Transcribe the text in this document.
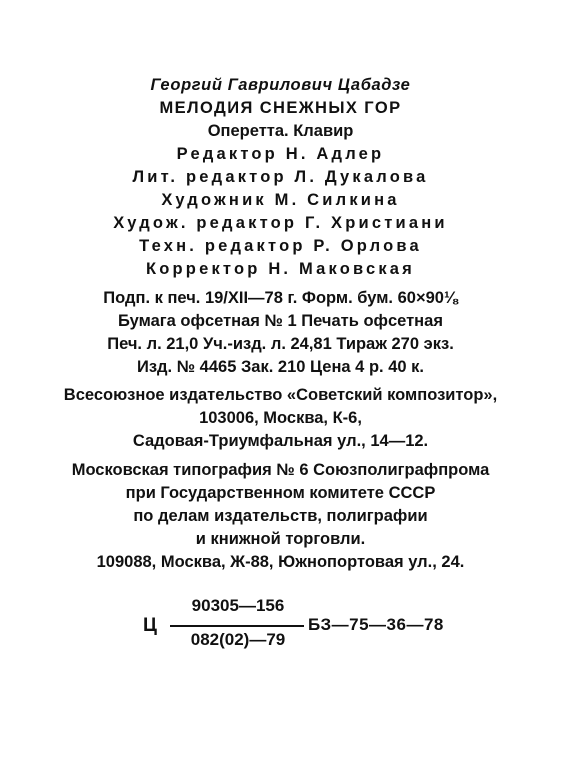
Георгий Гаврилович Цабадзе
МЕЛОДИЯ СНЕЖНЫХ ГОР
Оперетта. Клавир
Редактор Н. Адлер
Лит. редактор Л. Дукалова
Художник М. Силкина
Худож. редактор Г. Христиани
Техн. редактор Р. Орлова
Корректор Н. Маковская
Подп. к печ. 19/XII—78 г. Форм. бум. 60×90⅛
Бумага офсетная № 1 Печать офсетная
Печ. л. 21,0 Уч.-изд. л. 24,81 Тираж 270 экз.
Изд. № 4465 Зак. 210 Цена 4 р. 40 к.
Всесоюзное издательство «Советский композитор»,
103006, Москва, К-6,
Садовая-Триумфальная ул., 14—12.
Московская типография № 6 Союзполиграфпрома
при Государственном комитете СССР
по делам издательств, полиграфии
и книжной торговли.
109088, Москва, Ж-88, Южнопортовая ул., 24.
Ц
90305—156
082(02)—79
БЗ—75—36—78
